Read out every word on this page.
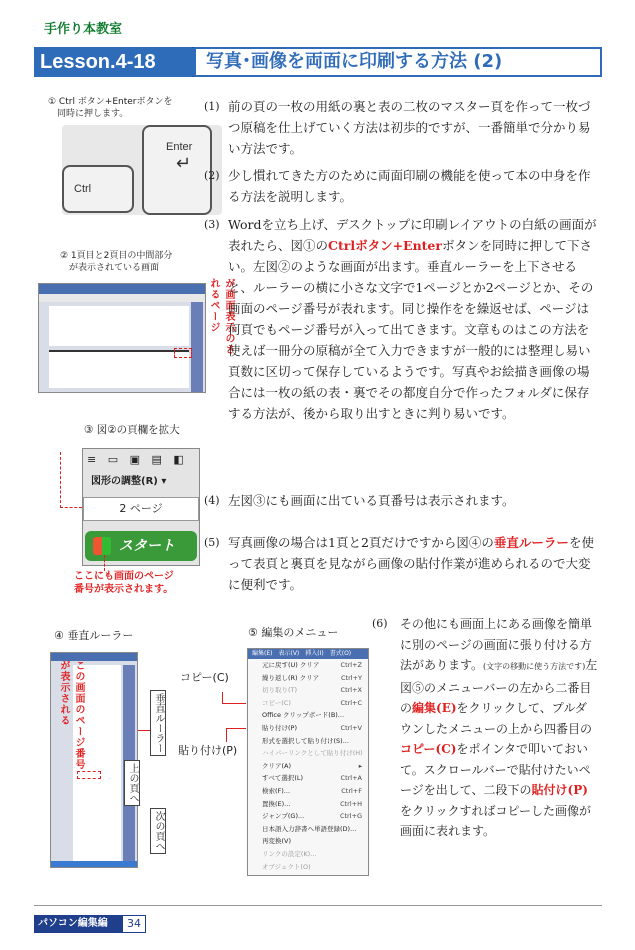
手作り本教室
Lesson.4-18	写真･画像を両面に印刷する方法 (2)
① Ctrl ボタン+Enterボタンを
　同時に押します。
Enter
↵
Ctrl
② 1頁目と2頁目の中間部分
　が表示されている画面
が画面表示のされるページ
③ 図②の頁欄を拡大
≡ ▭ ▣ ▤ ◧
図形の調整(R) ▾
2 ページ
スタート
ここにも画面のページ
番号が表示されます。
(1) 前の頁の一枚の用紙の裏と表の二枚のマスター頁を作って一枚づつ原稿を仕上げていく方法は初歩的ですが、一番簡単で分かり易い方法です。
(2) 少し慣れてきた方のために両面印刷の機能を使って本の中身を作る方法を説明します。
(3) Wordを立ち上げ、デスクトップに印刷レイアウトの白紙の画面が表れたら、図①のCtrlボタン+Enterボタンを同時に押して下さい。左図②のような画面が出ます。垂直ルーラーを上下させると、ルーラーの横に小さな文字で1ページとか2ページとか、その画面のページ番号が表れます。同じ操作をを繰返せば、ページは何頁でもページ番号が入って出てきます。文章ものはこの方法を使えば一冊分の原稿が全て入力できますが一般的には整理し易い頁数に区切って保存しているようです。写真やお絵描き画像の場合には一枚の紙の表・裏でその都度自分で作ったフォルダに保存する方法が、後から取り出すときに判り易いです。
(4) 左図③にも画面に出ている頁番号は表示されます。
(5) 写真画像の場合は1頁と2頁だけですから図④の垂直ルーラーを使って表頁と裏頁を見ながら画像の貼付作業が進められるので大変に便利です。
(6) その他にも画面上にある画像を簡単に別のページの画面に張り付ける方法があります。(文字の移動に使う方法です)左図⑤のメニューバーの左から二番目の編集(E)をクリックして、プルダウンしたメニューの上から四番目のコピー(C)をポインタで叩いておいて。スクロールバーで貼付けたいページを出して、二段下の貼付け(P)をクリックすればコピーした画像が画面に表れます。
④ 垂直ルーラー
この画面のページ番号が表示される	垂直ルーラー
上の頁へ
次の頁へ
⑤ 編集のメニュー
コピー(C)
貼り付け(P)
編集(E) 表示(V) 挿入(I) 書式(O)
元に戻す(U) クリア	Ctrl+Z
繰り返し(R) クリア	Ctrl+Y
切り取り(T)	Ctrl+X
コピー(C)	Ctrl+C
Office クリップボード(B)...
貼り付け(P)	Ctrl+V
形式を選択して貼り付け(S)...
ハイパーリンクとして貼り付け(H)
クリア(A)	▸
すべて選択(L)	Ctrl+A
検索(F)...	Ctrl+F
置換(E)...	Ctrl+H
ジャンプ(G)...	Ctrl+G
日本語入力辞書へ単語登録(D)...
再変換(V)
リンクの設定(K)...
オブジェクト(O)
パソコン編集編	34
